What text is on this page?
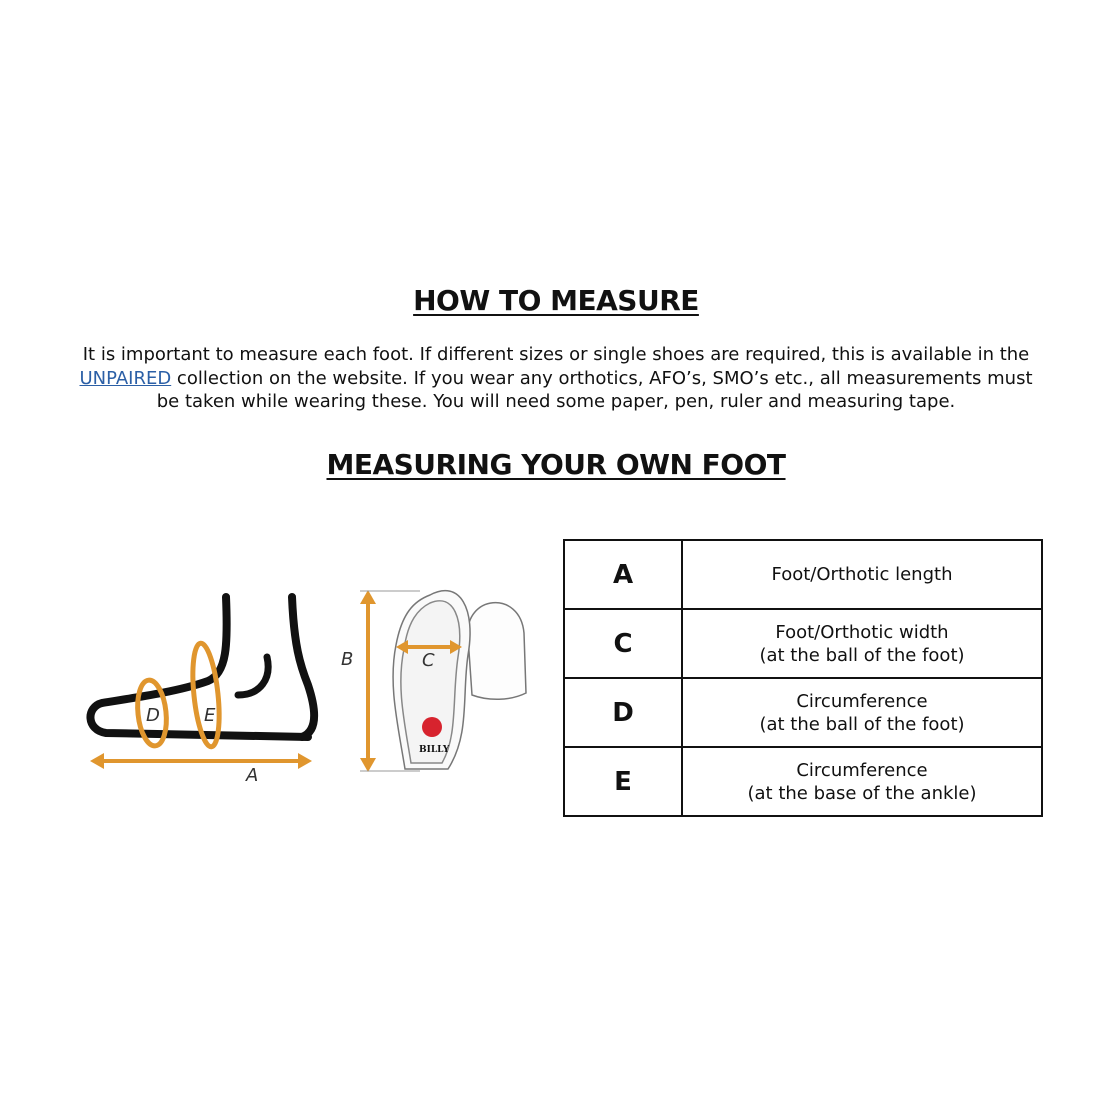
HOW TO MEASURE

It is important to measure each foot. If different sizes or single shoes are required, this is available in the

UNPAIRED collection on the website. If you wear any orthotics, AFO’s, SMO’s etc., all measurements must

be taken while wearing these. You will need some paper, pen, ruler and measuring tape.

MEASURING YOUR OWN FOOT
D E
A
BILLY
C
B
A	Foot/Orthotic length

C	Foot/Orthotic width
(at the ball of the foot)

D	Circumference
(at the ball of the foot)

E	Circumference
(at the base of the ankle)
